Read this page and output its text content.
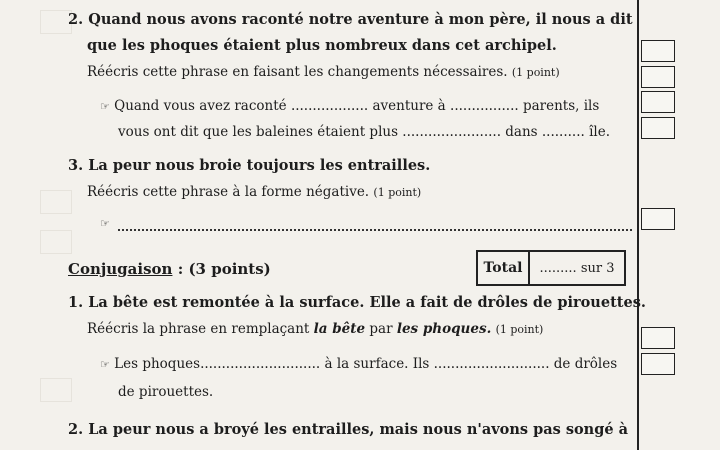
2. Quand nous avons raconté notre aventure à mon père, il nous a dit
que les phoques étaient plus nombreux dans cet archipel.
Réécris cette phrase en faisant les changements nécessaires. (1 point)
☞ Quand vous avez raconté .................. aventure à ................ parents, ils
vous ont dit que les baleines étaient plus ....................... dans .......... île.
3. La peur nous broie toujours les entrailles.
Réécris cette phrase à la forme négative. (1 point)
☞
Conjugaison : (3 points)	Total	......... sur 3
1. La bête est remontée à la surface. Elle a fait de drôles de pirouettes.
Réécris la phrase en remplaçant la bête par les phoques. (1 point)
☞ Les phoques............................ à la surface. Ils ........................... de drôles
de pirouettes.
2. La peur nous a broyé les entrailles, mais nous n'avons pas songé à
